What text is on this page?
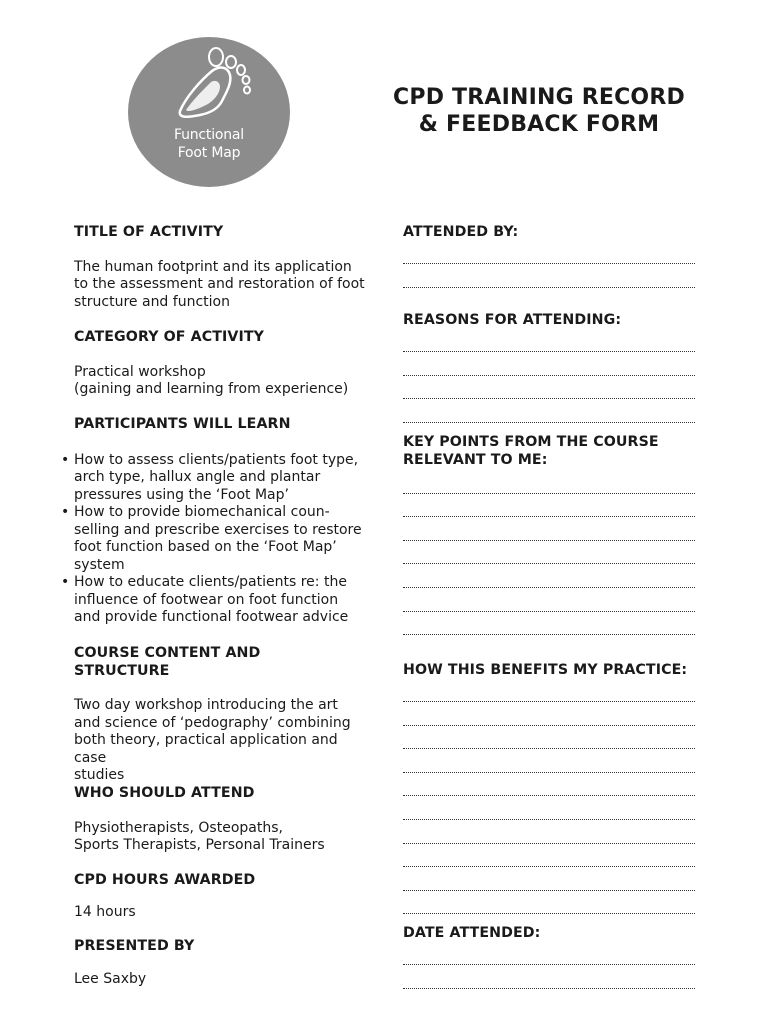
Functional
Foot Map
CPD TRAINING RECORD
& FEEDBACK FORM
TITLE OF ACTIVITY
The human footprint and its application
to the assessment and restoration of foot
structure and function
CATEGORY OF ACTIVITY
Practical workshop
(gaining and learning from experience)
PARTICIPANTS WILL LEARN
• How to assess clients/patients foot type,
arch type, hallux angle and plantar
pressures using the ‘Foot Map’
• How to provide biomechanical coun-
selling and prescribe exercises to restore
foot function based on the ‘Foot Map’
system
• How to educate clients/patients re: the
influence of footwear on foot function
and provide functional footwear advice
COURSE CONTENT AND
STRUCTURE
Two day workshop introducing the art
and science of ‘pedography’ combining
both theory, practical application and case
studies
WHO SHOULD ATTEND
Physiotherapists, Osteopaths,
Sports Therapists, Personal Trainers
CPD HOURS AWARDED
14 hours
PRESENTED BY
Lee Saxby
ATTENDED BY:
REASONS FOR ATTENDING:
KEY POINTS FROM THE COURSE
RELEVANT TO ME:
HOW THIS BENEFITS MY PRACTICE:
DATE ATTENDED:
